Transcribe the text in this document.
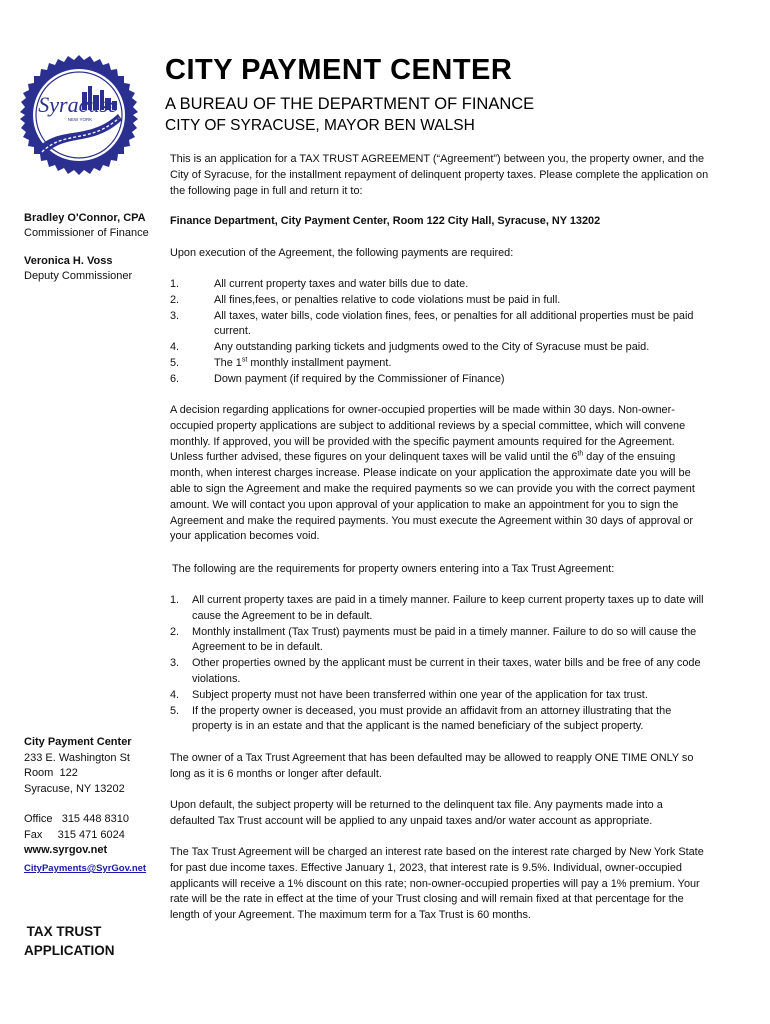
Syracuse
NEW YORK
CITY PAYMENT CENTER
A BUREAU OF THE DEPARTMENT OF FINANCE
CITY OF SYRACUSE, MAYOR BEN WALSH
Bradley O'Connor, CPA
Commissioner of Finance
Veronica H. Voss
Deputy Commissioner
City Payment Center
233 E. Washington St
Room  122
Syracuse, NY 13202
Office   315 448 8310
Fax     315 471 6024
www.syrgov.net
CityPayments@SyrGov.net
TAX TRUST
APPLICATION
This is an application for a TAX TRUST AGREEMENT (“Agreement”) between you, the property owner, and the City of Syracuse, for the installment repayment of delinquent property taxes. Please complete the application on the following page in full and return it to:
Finance Department, City Payment Center, Room 122 City Hall, Syracuse, NY 13202
Upon execution of the Agreement, the following payments are required:
1.	All current property taxes and water bills due to date.
2.	All fines,fees, or penalties relative to code violations must be paid in full.
3.	All taxes, water bills, code violation fines, fees, or penalties for all additional properties must be paid current.
4.	Any outstanding parking tickets and judgments owed to the City of Syracuse must be paid.
5.	The 1st monthly installment payment.
6.	Down payment (if required by the Commissioner of Finance)
A decision regarding applications for owner-occupied properties will be made within 30 days. Non-owner-occupied property applications are subject to additional reviews by a special committee, which will convene monthly. If approved, you will be provided with the specific payment amounts required for the Agreement. Unless further advised, these figures on your delinquent taxes will be valid until the 6th day of the ensuing month, when interest charges increase. Please indicate on your application the approximate date you will be able to sign the Agreement and make the required payments so we can provide you with the correct payment amount. We will contact you upon approval of your application to make an appointment for you to sign the Agreement and make the required payments. You must execute the Agreement within 30 days of approval or your application becomes void.
The following are the requirements for property owners entering into a Tax Trust Agreement:
1.	All current property taxes are paid in a timely manner. Failure to keep current property taxes up to date will cause the Agreement to be in default.
2.	Monthly installment (Tax Trust) payments must be paid in a timely manner. Failure to do so will cause the Agreement to be in default.
3.	Other properties owned by the applicant must be current in their taxes, water bills and be free of any code violations.
4.	Subject property must not have been transferred within one year of the application for tax trust.
5.	If the property owner is deceased, you must provide an affidavit from an attorney illustrating that the property is in an estate and that the applicant is the named beneficiary of the subject property.
The owner of a Tax Trust Agreement that has been defaulted may be allowed to reapply ONE TIME ONLY so long as it is 6 months or longer after default.
Upon default, the subject property will be returned to the delinquent tax file. Any payments made into a defaulted Tax Trust account will be applied to any unpaid taxes and/or water account as appropriate.
The Tax Trust Agreement will be charged an interest rate based on the interest rate charged by New York State for past due income taxes. Effective January 1, 2023, that interest rate is 9.5%. Individual, owner-occupied applicants will receive a 1% discount on this rate; non-owner-occupied properties will pay a 1% premium. Your rate will be the rate in effect at the time of your Trust closing and will remain fixed at that percentage for the length of your Agreement. The maximum term for a Tax Trust is 60 months.
